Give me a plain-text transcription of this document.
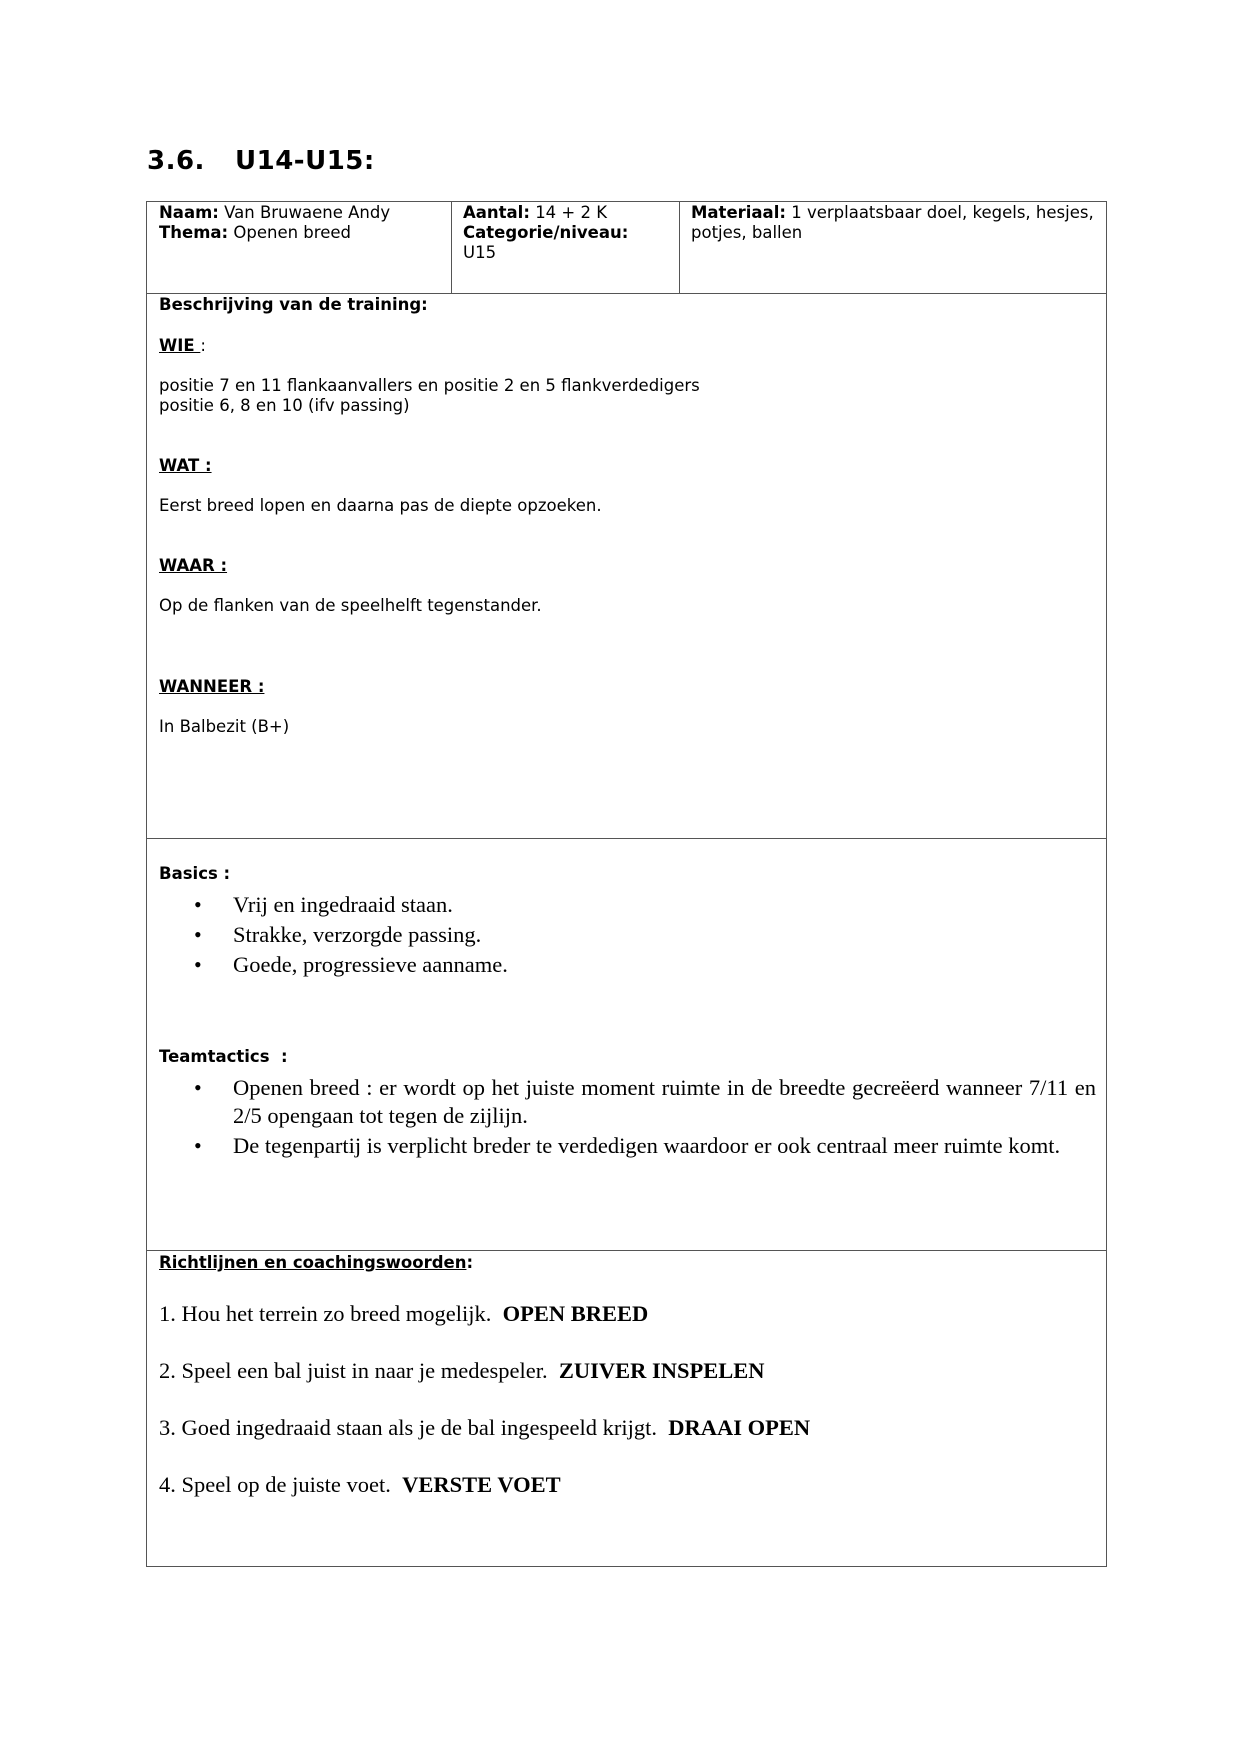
3.6. U14-U15:
Naam: Van Bruwaene Andy
Thema: Openen breed
Aantal: 14 + 2 K
Categorie/niveau:
U15
Materiaal: 1 verplaatsbaar doel, kegels, hesjes,
potjes, ballen
Beschrijving van de training:
WIE :
positie 7 en 11 flankaanvallers en positie 2 en 5 flankverdedigers
positie 6, 8 en 10 (ifv passing)
WAT :
Eerst breed lopen en daarna pas de diepte opzoeken.
WAAR :
Op de flanken van de speelhelft tegenstander.
WANNEER :
In Balbezit (B+)
Basics :
• Vrij en ingedraaid staan.
• Strakke, verzorgde passing.
• Goede, progressieve aanname.
Teamtactics  :
• Openen breed : er wordt op het juiste moment ruimte in de breedte gecreëerd wanneer 7/11 en 2/5 opengaan tot tegen de zijlijn.
• De tegenpartij is verplicht breder te verdedigen waardoor er ook centraal meer ruimte komt.
Richtlijnen en coachingswoorden:
1. Hou het terrein zo breed mogelijk. OPEN BREED
2. Speel een bal juist in naar je medespeler. ZUIVER INSPELEN
3. Goed ingedraaid staan als je de bal ingespeeld krijgt. DRAAI OPEN
4. Speel op de juiste voet. VERSTE VOET
